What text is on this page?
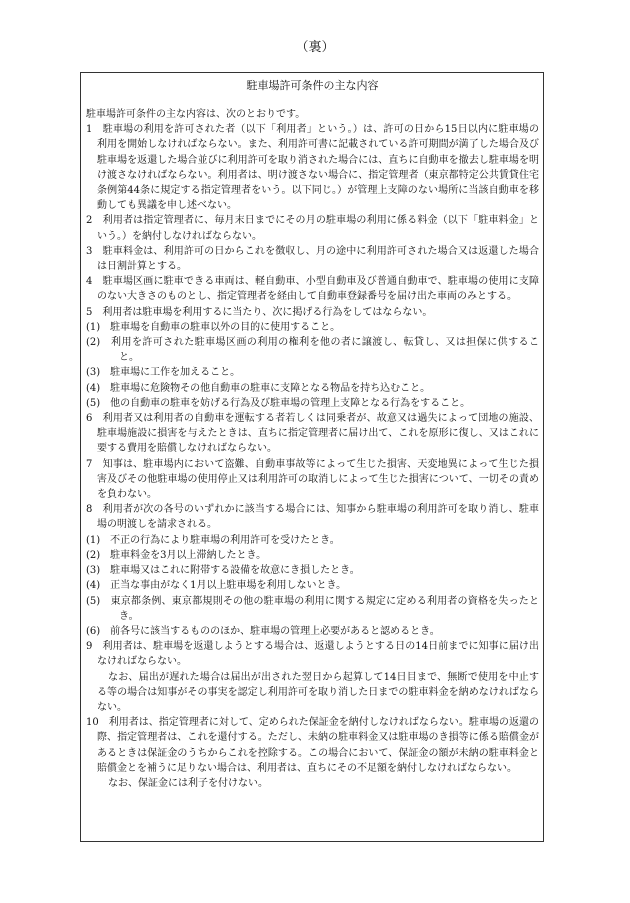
（裏）
駐車場許可条件の主な内容

駐車場許可条件の主な内容は、次のとおりです。

1　駐車場の利用を許可された者（以下「利用者」という。）は、許可の日から15日以内に駐車場の利用を開始しなければならない。また、利用許可書に記載されている許可期間が満了した場合及び駐車場を返還した場合並びに利用許可を取り消された場合には、直ちに自動車を撤去し駐車場を明け渡さなければならない。利用者は、明け渡さない場合に、指定管理者（東京都特定公共賃貸住宅条例第44条に規定する指定管理者をいう。以下同じ。）が管理上支障のない場所に当該自動車を移動しても異議を申し述べない。

2　利用者は指定管理者に、毎月末日までにその月の駐車場の利用に係る料金（以下「駐車料金」という。）を納付しなければならない。

3　駐車料金は、利用許可の日からこれを徴収し、月の途中に利用許可された場合又は返還した場合は日割計算とする。

4　駐車場区画に駐車できる車両は、軽自動車、小型自動車及び普通自動車で、駐車場の使用に支障のない大きさのものとし、指定管理者を経由して自動車登録番号を届け出た車両のみとする。

5　利用者は駐車場を利用するに当たり、次に掲げる行為をしてはならない。

(1)　駐車場を自動車の駐車以外の目的に使用すること。

(2)　利用を許可された駐車場区画の利用の権利を他の者に譲渡し、転貸し、又は担保に供すること。

(3)　駐車場に工作を加えること。

(4)　駐車場に危険物その他自動車の駐車に支障となる物品を持ち込むこと。

(5)　他の自動車の駐車を妨げる行為及び駐車場の管理上支障となる行為をすること。

6　利用者又は利用者の自動車を運転する者若しくは同乗者が、故意又は過失によって団地の施設、駐車場施設に損害を与えたときは、直ちに指定管理者に届け出て、これを原形に復し、又はこれに要する費用を賠償しなければならない。

7　知事は、駐車場内において盗難、自動車事故等によって生じた損害、天変地異によって生じた損害及びその他駐車場の使用停止又は利用許可の取消しによって生じた損害について、一切その責めを負わない。

8　利用者が次の各号のいずれかに該当する場合には、知事から駐車場の利用許可を取り消し、駐車場の明渡しを請求される。

(1)　不正の行為により駐車場の利用許可を受けたとき。

(2)　駐車料金を3月以上滞納したとき。

(3)　駐車場又はこれに附帯する設備を故意にき損したとき。

(4)　正当な事由がなく1月以上駐車場を利用しないとき。

(5)　東京都条例、東京都規則その他の駐車場の利用に関する規定に定める利用者の資格を失ったとき。

(6)　前各号に該当するもののほか、駐車場の管理上必要があると認めるとき。

9　利用者は、駐車場を返還しようとする場合は、返還しようとする日の14日前までに知事に届け出なければならない。

なお、届出が遅れた場合は届出が出された翌日から起算して14日目まで、無断で使用を中止する等の場合は知事がその事実を認定し利用許可を取り消した日までの駐車料金を納めなければならない。

10　利用者は、指定管理者に対して、定められた保証金を納付しなければならない。駐車場の返還の際、指定管理者は、これを還付する。ただし、未納の駐車料金又は駐車場のき損等に係る賠償金があるときは保証金のうちからこれを控除する。この場合において、保証金の額が未納の駐車料金と賠償金とを補うに足りない場合は、利用者は、直ちにその不足額を納付しなければならない。

なお、保証金には利子を付けない。
